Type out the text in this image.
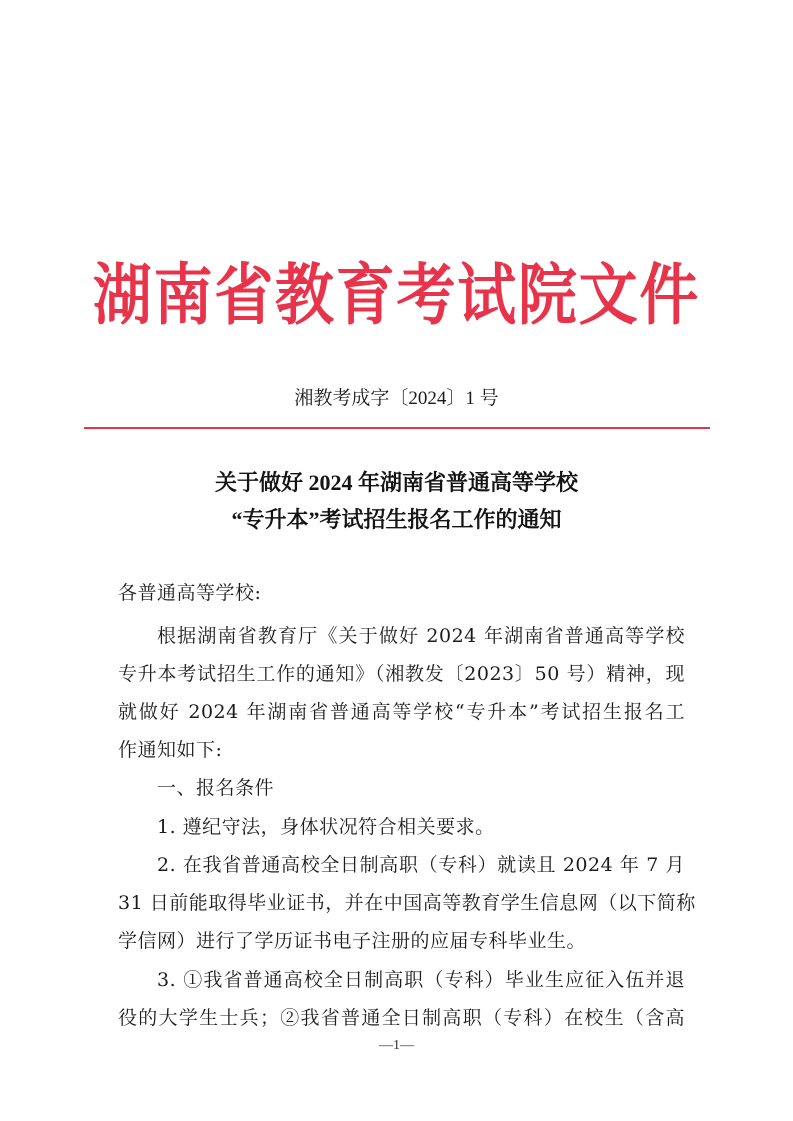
湖南省教育考试院文件
湘教考成字〔2024〕1 号
关于做好 2024 年湖南省普通高等学校
“专升本”考试招生报名工作的通知
各普通高等学校:
根据湖南省教育厅《关于做好 2024 年湖南省普通高等学校
专升本考试招生工作的通知》（湘教发〔2023〕50 号）精神，现
就做好 2024 年湖南省普通高等学校“专升本”考试招生报名工
作通知如下:
一、报名条件
1. 遵纪守法，身体状况符合相关要求。
2. 在我省普通高校全日制高职（专科）就读且 2024 年 7 月
31 日前能取得毕业证书，并在中国高等教育学生信息网（以下简称
学信网）进行了学历证书电子注册的应届专科毕业生。
3. ①我省普通高校全日制高职（专科）毕业生应征入伍并退
役的大学生士兵；②我省普通全日制高职（专科）在校生（含高
—1—
